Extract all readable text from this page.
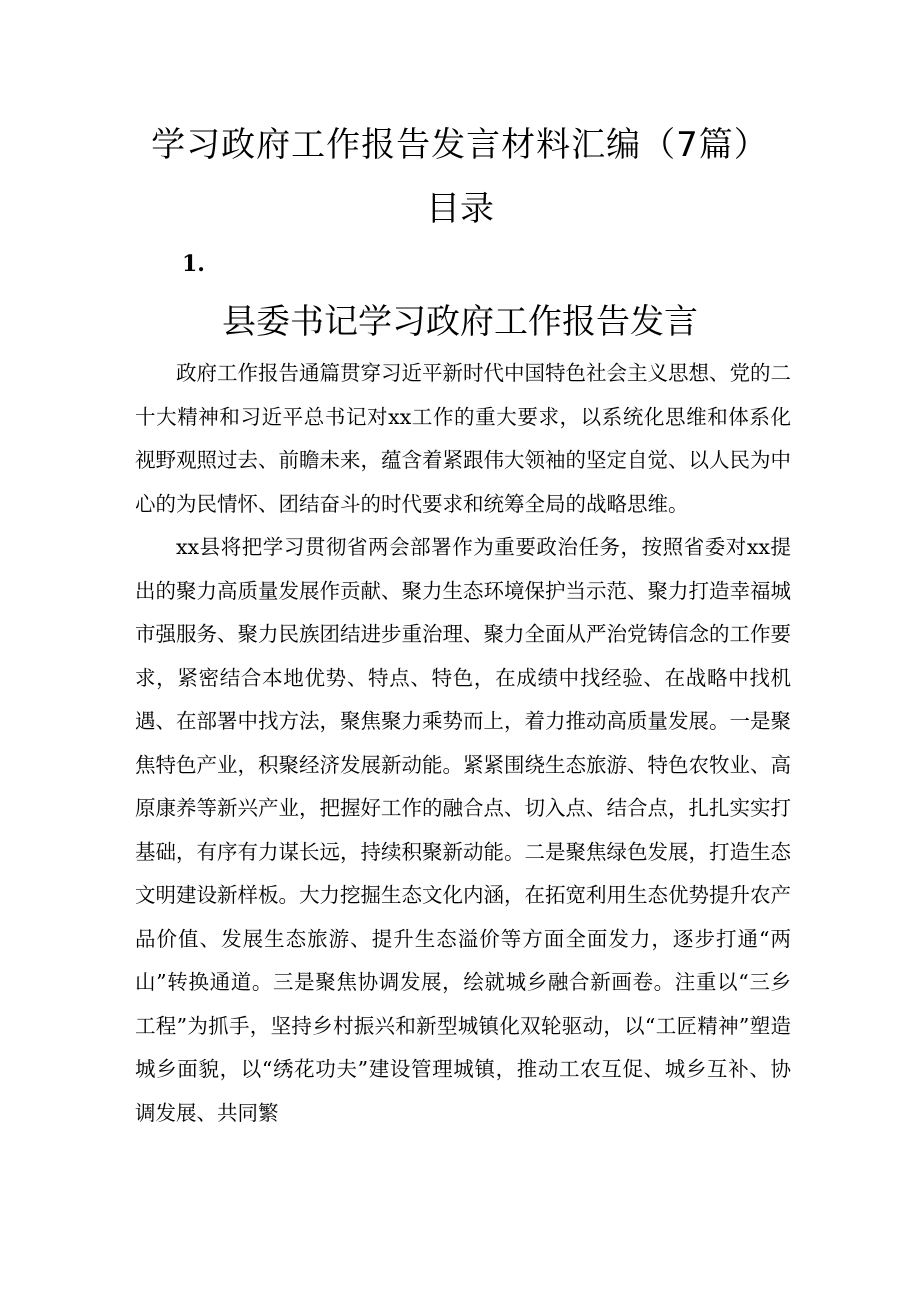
学习政府工作报告发言材料汇编（7篇）
目录
1.
县委书记学习政府工作报告发言

政府工作报告通篇贯穿习近平新时代中国特色社会主义思想、党的二十大精神和习近平总书记对xx工作的重大要求，以系统化思维和体系化视野观照过去、前瞻未来，蕴含着紧跟伟大领袖的坚定自觉、以人民为中心的为民情怀、团结奋斗的时代要求和统筹全局的战略思维。

xx县将把学习贯彻省两会部署作为重要政治任务，按照省委对xx提出的聚力高质量发展作贡献、聚力生态环境保护当示范、聚力打造幸福城市强服务、聚力民族团结进步重治理、聚力全面从严治党铸信念的工作要求，紧密结合本地优势、特点、特色，在成绩中找经验、在战略中找机遇、在部署中找方法，聚焦聚力乘势而上，着力推动高质量发展。一是聚焦特色产业，积聚经济发展新动能。紧紧围绕生态旅游、特色农牧业、高原康养等新兴产业，把握好工作的融合点、切入点、结合点，扎扎实实打基础，有序有力谋长远，持续积聚新动能。二是聚焦绿色发展，打造生态文明建设新样板。大力挖掘生态文化内涵，在拓宽利用生态优势提升农产品价值、发展生态旅游、提升生态溢价等方面全面发力，逐步打通“两山”转换通道。三是聚焦协调发展，绘就城乡融合新画卷。注重以“三乡工程”为抓手，坚持乡村振兴和新型城镇化双轮驱动，以“工匠精神”塑造城乡面貌，以“绣花功夫”建设管理城镇，推动工农互促、城乡互补、协调发展、共同繁
